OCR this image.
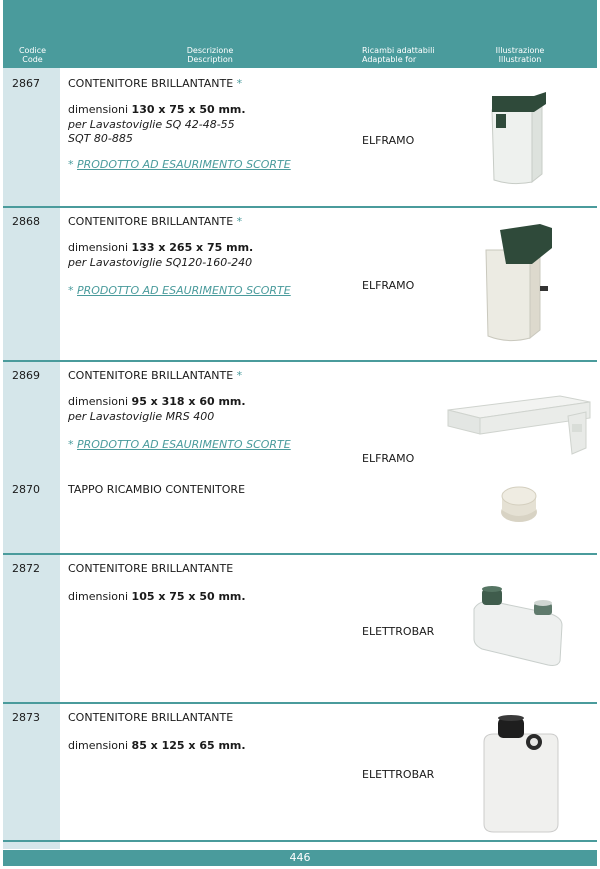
Codice
Code
Descrizione
Description
Ricambi adattabili
Adaptable for
Illustrazione
Illustration
2867	CONTENITORE BRILLANTANTE *
dimensioni 130 x 75 x 50 mm.
per Lavastoviglie SQ 42-48-55
SQT 80-885
* PRODOTTO AD ESAURIMENTO SCORTE
ELFRAMO
2868	CONTENITORE BRILLANTANTE *
dimensioni 133 x 265 x 75 mm.
per Lavastoviglie SQ120-160-240
* PRODOTTO AD ESAURIMENTO SCORTE	ELFRAMO
2869	CONTENITORE BRILLANTANTE *
dimensioni 95 x 318 x 60 mm.
per Lavastoviglie MRS 400
* PRODOTTO AD ESAURIMENTO SCORTE
ELFRAMO
2870	TAPPO RICAMBIO CONTENITORE
2872	CONTENITORE BRILLANTANTE
dimensioni 105 x 75 x 50 mm.
ELETTROBAR
2873	CONTENITORE BRILLANTANTE
dimensioni 85 x 125 x 65 mm.
ELETTROBAR
446
